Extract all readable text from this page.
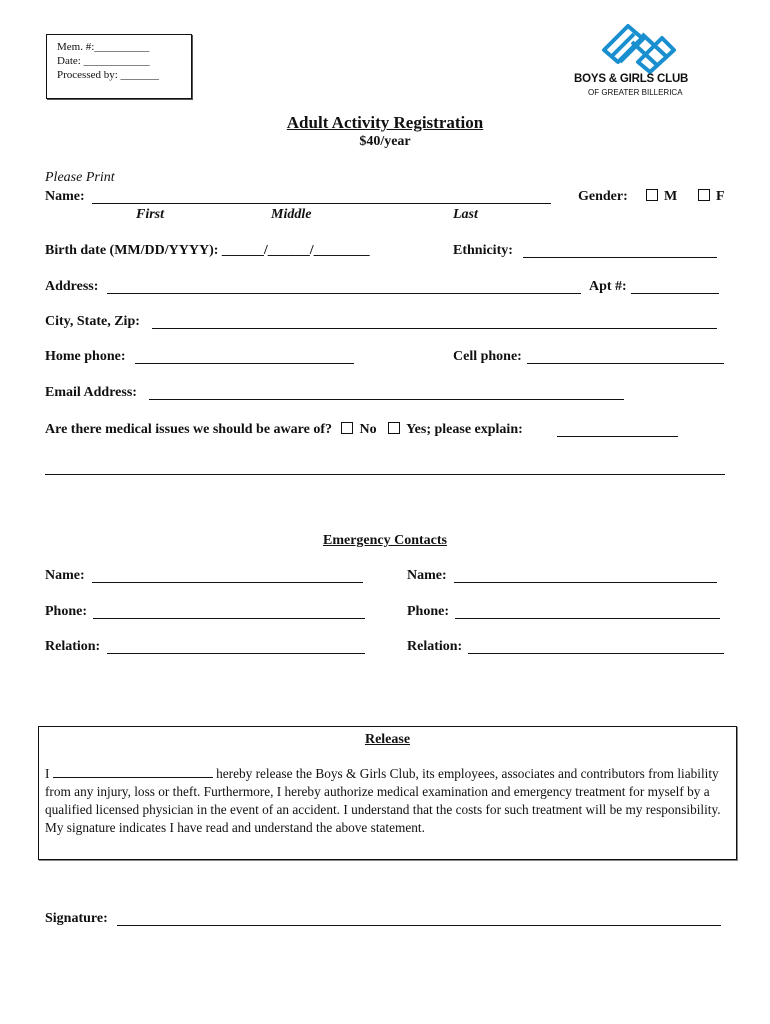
Mem. #:__________
Date: ____________
Processed by: _______	BOYS & GIRLS CLUB
OF GREATER BILLERICA
Adult Activity Registration
$40/year
Please Print
Name:	Gender:	M	F
First	Middle	Last
Birth date (MM/DD/YYYY): ______/______/________	Ethnicity:
Address:	Apt #:
City, State, Zip:
Home phone:	Cell phone:
Email Address:
Are there medical issues we should be aware of? No Yes; please explain:
Emergency Contacts
Name:	Name:
Phone:	Phone:
Relation:	Relation:
Release
I	hereby release the Boys & Girls Club, its employees, associates and contributors from liability from any injury, loss or theft. Furthermore, I hereby authorize medical examination and emergency treatment for myself by a qualified licensed physician in the event of an accident. I understand that the costs for such treatment will be my responsibility. My signature indicates I have read and understand the above statement.
Signature:
